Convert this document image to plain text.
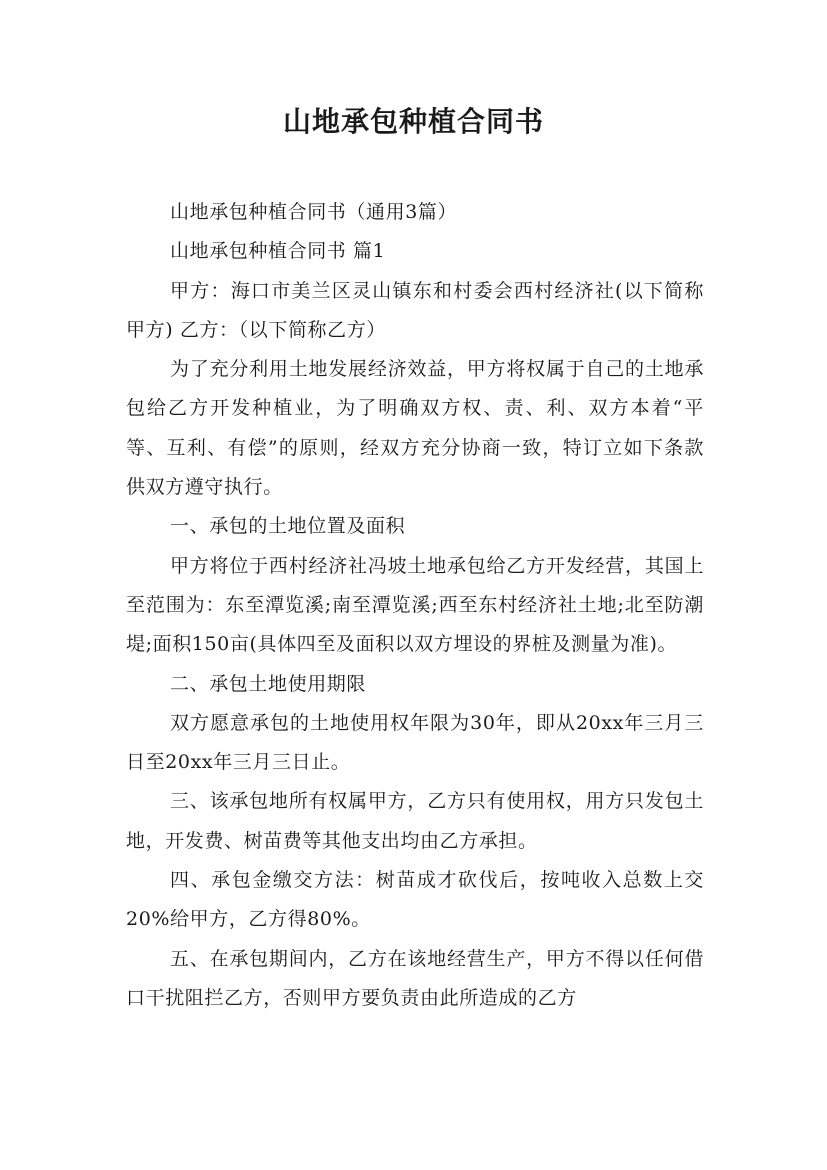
山地承包种植合同书

山地承包种植合同书（通用3篇）

山地承包种植合同书 篇1

甲方：海口市美兰区灵山镇东和村委会西村经济社(以下简称甲方) 乙方：（以下简称乙方）

为了充分利用土地发展经济效益，甲方将权属于自己的土地承包给乙方开发种植业，为了明确双方权、责、利、双方本着“平等、互利、有偿”的原则，经双方充分协商一致，特订立如下条款供双方遵守执行。

一、承包的土地位置及面积

甲方将位于西村经济社冯坡土地承包给乙方开发经营，其国上至范围为：东至潭览溪;南至潭览溪;西至东村经济社土地;北至防潮堤;面积150亩(具体四至及面积以双方埋设的界桩及测量为准)。

二、承包土地使用期限

双方愿意承包的土地使用权年限为30年，即从20xx年三月三日至20xx年三月三日止。

三、该承包地所有权属甲方，乙方只有使用权，用方只发包土地，开发费、树苗费等其他支出均由乙方承担。

四、承包金缴交方法：树苗成才砍伐后，按吨收入总数上交20%给甲方，乙方得80%。

五、在承包期间内，乙方在该地经营生产，甲方不得以任何借口干扰阻拦乙方，否则甲方要负责由此所造成的乙方
